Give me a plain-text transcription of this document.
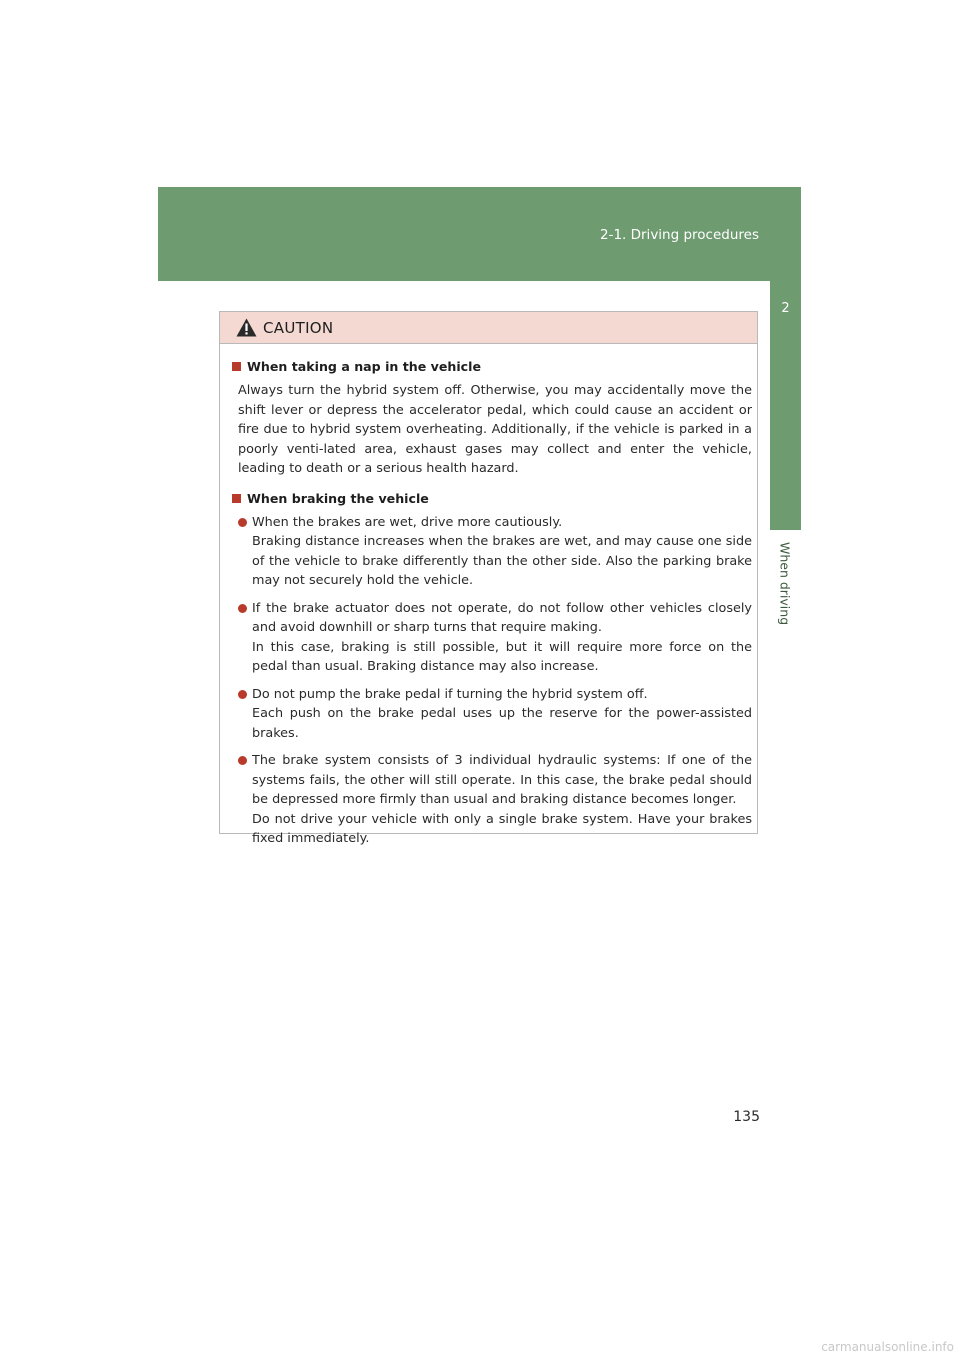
2-1. Driving procedures
2
When driving
CAUTION
When taking a nap in the vehicle
Always turn the hybrid system off. Otherwise, you may accidentally move the shift lever or depress the accelerator pedal, which could cause an accident or fire due to hybrid system overheating. Additionally, if the vehicle is parked in a poorly venti-lated area, exhaust gases may collect and enter the vehicle, leading to death or a serious health hazard.
When braking the vehicle
When the brakes are wet, drive more cautiously.
Braking distance increases when the brakes are wet, and may cause one side of the vehicle to brake differently than the other side. Also the parking brake may not securely hold the vehicle.
If the brake actuator does not operate, do not follow other vehicles closely and avoid downhill or sharp turns that require making.
In this case, braking is still possible, but it will require more force on the pedal than usual. Braking distance may also increase.
Do not pump the brake pedal if turning the hybrid system off.
Each push on the brake pedal uses up the reserve for the power-assisted brakes.
The brake system consists of 3 individual hydraulic systems: If one of the systems fails, the other will still operate. In this case, the brake pedal should be depressed more firmly than usual and braking distance becomes longer.
Do not drive your vehicle with only a single brake system. Have your brakes fixed immediately.
135
carmanualsonline.info
